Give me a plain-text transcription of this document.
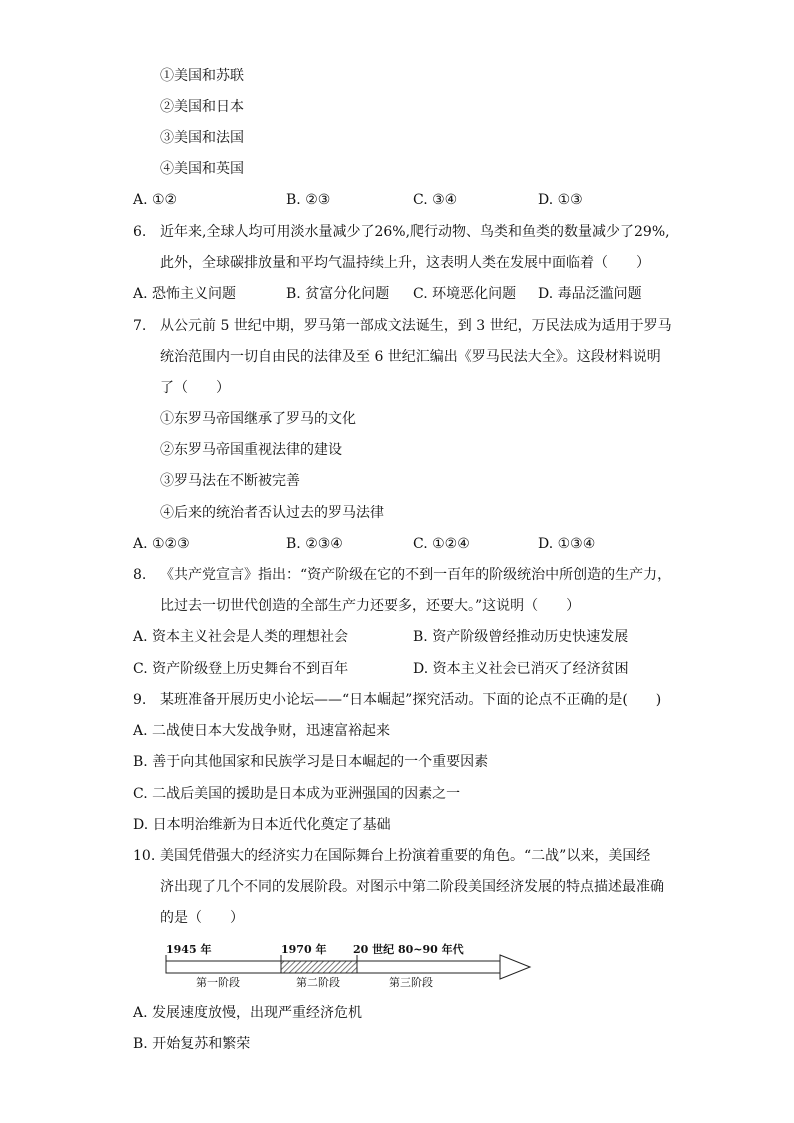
①美国和苏联
②美国和日本
③美国和法国
④美国和英国
A. ①②	B. ②③	C. ③④	D. ①③
6. 近年来,全球人均可用淡水量减少了26%,爬行动物、鸟类和鱼类的数量减少了29%,
此外，全球碳排放量和平均气温持续上升，这表明人类在发展中面临着（　　）
A. 恐怖主义问题	B. 贫富分化问题 C. 环境恶化问题 D. 毒品泛滥问题
7. 从公元前 5 世纪中期，罗马第一部成文法诞生，到 3 世纪，万民法成为适用于罗马
统治范围内一切自由民的法律及至 6 世纪汇编出《罗马民法大全》。这段材料说明
了（　　）
①东罗马帝国继承了罗马的文化
②东罗马帝国重视法律的建设
③罗马法在不断被完善
④后来的统治者否认过去的罗马法律
A. ①②③	B. ②③④	C. ①②④	D. ①③④
8. 《共产党宣言》指出：“资产阶级在它的不到一百年的阶级统治中所创造的生产力，
比过去一切世代创造的全部生产力还要多，还要大。”这说明（　　）
A. 资本主义社会是人类的理想社会	B. 资产阶级曾经推动历史快速发展
C. 资产阶级登上历史舞台不到百年	D. 资本主义社会已消灭了经济贫困
9. 某班准备开展历史小论坛——“日本崛起”探究活动。下面的论点不正确的是(　　)
A. 二战使日本大发战争财，迅速富裕起来
B. 善于向其他国家和民族学习是日本崛起的一个重要因素
C. 二战后美国的援助是日本成为亚洲强国的因素之一
D. 日本明治维新为日本近代化奠定了基础
10. 美国凭借强大的经济实力在国际舞台上扮演着重要的角色。“二战”以来，美国经
济出现了几个不同的发展阶段。对图示中第二阶段美国经济发展的特点描述最准确
的是（　　）
1945 年	1970 年 20 世纪 80~90 年代
第一阶段	第二阶段	第三阶段
A. 发展速度放慢，出现严重经济危机
B. 开始复苏和繁荣
